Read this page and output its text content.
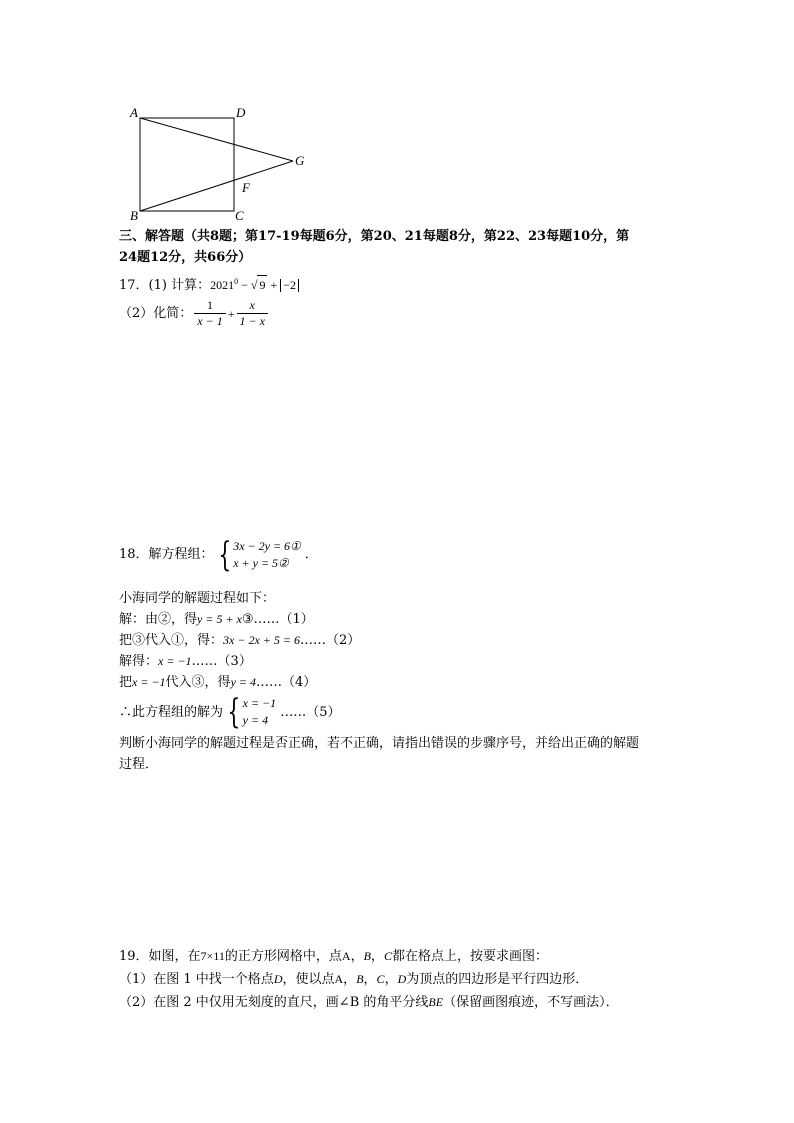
A	D
G
F
B	C
三、解答题（共8题；第17-19每题6分，第20、21每题8分，第22、23每题10分，第
24题12分，共66分）
17．(1) 计算：$2021^0$ − √ 9 + −2
（2）化简： $\frac{1}{x - 1} + \frac{x}{1 - x}$
18．解方程组： { 3x − 2y = 6①
x + y = 5②
．
小海同学的解题过程如下：
解：由②，得y = 5 + x③……（1）
把③代入①，得：3x − 2x + 5 = 6……（2）
解得：x = −1……（3）
把x = −1代入③，得y = 4……（4）
∴此方程组的解为 { x = −1
y = 4
……（5）
判断小海同学的解题过程是否正确，若不正确，请指出错误的步骤序号，并给出正确的解题
过程．
19．如图，在7×11的正方形网格中，点A，B，C都在格点上，按要求画图：
（1）在图 1 中找一个格点D，使以点A，B，C，D为顶点的四边形是平行四边形．
（2）在图 2 中仅用无刻度的直尺，画∠B 的角平分线BE（保留画图痕迹，不写画法）．
